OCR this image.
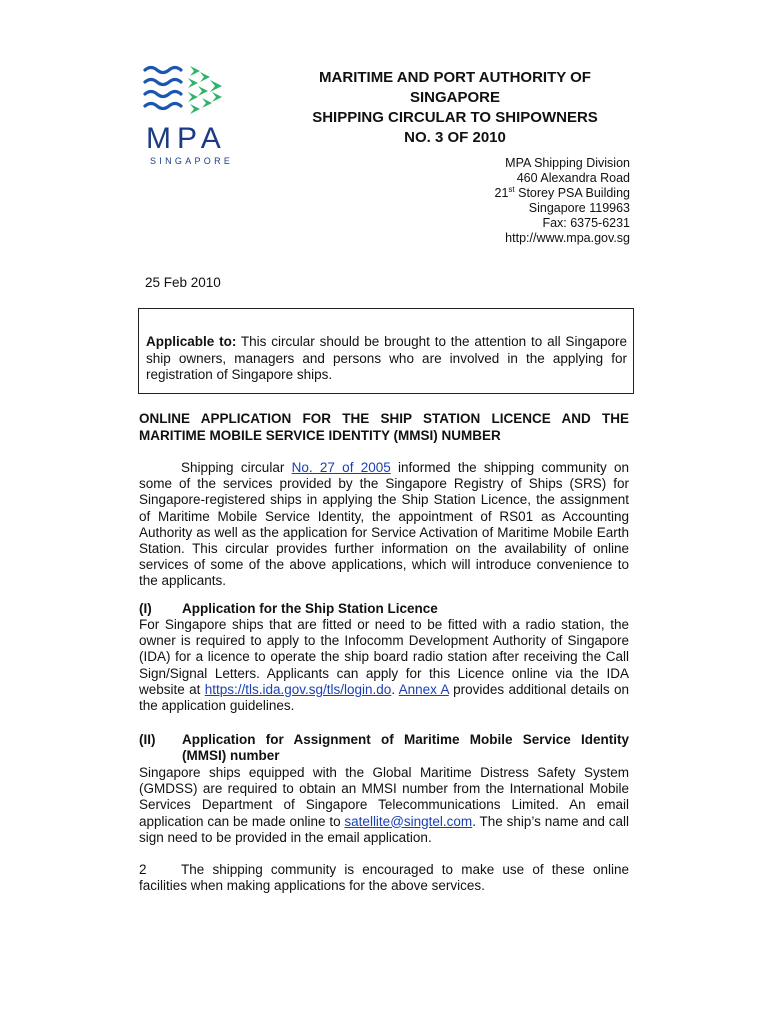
MPA
SINGAPORE
MARITIME AND PORT AUTHORITY OF
SINGAPORE
SHIPPING CIRCULAR TO SHIPOWNERS
NO. 3 OF 2010
MPA Shipping Division
460 Alexandra Road
21st Storey PSA Building
Singapore 119963
Fax: 6375-6231
http://www.mpa.gov.sg
25 Feb 2010
Applicable to: This circular should be brought to the attention to all Singapore ship owners, managers and persons who are involved in the applying for registration of Singapore ships.
ONLINE APPLICATION FOR THE SHIP STATION LICENCE AND THE MARITIME MOBILE SERVICE IDENTITY (MMSI) NUMBER
Shipping circular No. 27 of 2005 informed the shipping community on some of the services provided by the Singapore Registry of Ships (SRS) for Singapore-registered ships in applying the Ship Station Licence, the assignment of Maritime Mobile Service Identity, the appointment of RS01 as Accounting Authority as well as the application for Service Activation of Maritime Mobile Earth Station. This circular provides further information on the availability of online services of some of the above applications, which will introduce convenience to the applicants.
(I) Application for the Ship Station Licence
For Singapore ships that are fitted or need to be fitted with a radio station, the owner is required to apply to the Infocomm Development Authority of Singapore (IDA) for a licence to operate the ship board radio station after receiving the Call Sign/Signal Letters. Applicants can apply for this Licence online via the IDA website at https://tls.ida.gov.sg/tls/login.do. Annex A provides additional details on the application guidelines.
(II)	Application for Assignment of Maritime Mobile Service Identity (MMSI) number
Singapore ships equipped with the Global Maritime Distress Safety System (GMDSS) are required to obtain an MMSI number from the International Mobile Services Department of Singapore Telecommunications Limited. An email application can be made online to satellite@singtel.com. The ship’s name and call sign need to be provided in the email application.
2	The shipping community is encouraged to make use of these online facilities when making applications for the above services.
